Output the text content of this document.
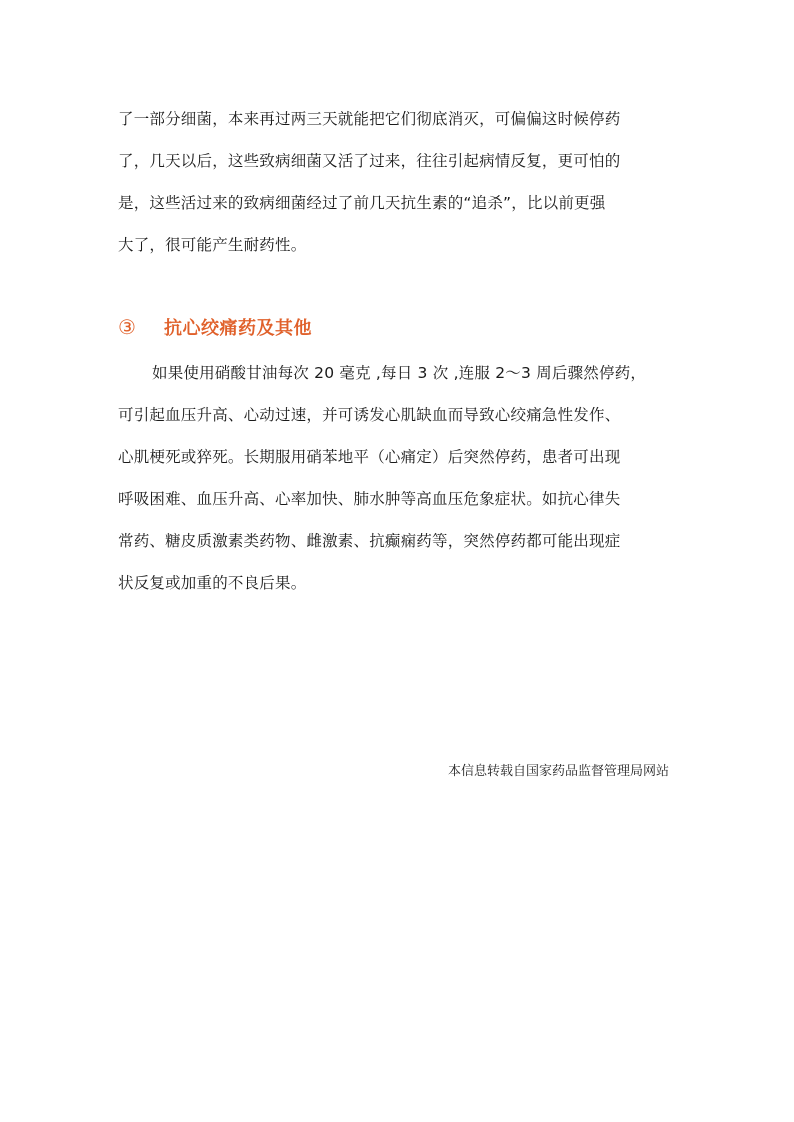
了一部分细菌，本来再过两三天就能把它们彻底消灭，可偏偏这时候停药
了，几天以后，这些致病细菌又活了过来，往往引起病情反复，更可怕的
是，这些活过来的致病细菌经过了前几天抗生素的“追杀”，比以前更强
大了，很可能产生耐药性。
③	抗心绞痛药及其他
如果使用硝酸甘油每次 20 毫克 ,每日 3 次 ,连服 2～3 周后骤然停药，
可引起血压升高、心动过速，并可诱发心肌缺血而导致心绞痛急性发作、
心肌梗死或猝死。长期服用硝苯地平（心痛定）后突然停药，患者可出现
呼吸困难、血压升高、心率加快、肺水肿等高血压危象症状。如抗心律失
常药、糖皮质激素类药物、雌激素、抗癫痫药等，突然停药都可能出现症
状反复或加重的不良后果。
本信息转载自国家药品监督管理局网站
